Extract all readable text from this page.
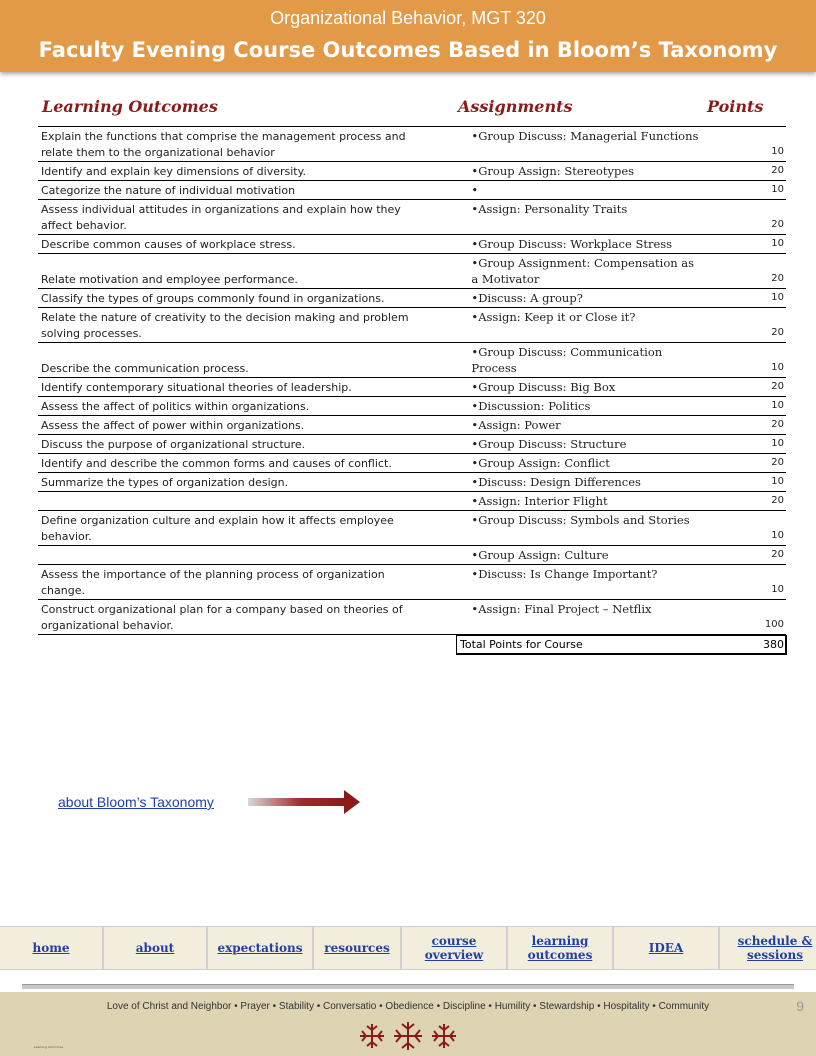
Organizational Behavior, MGT 320
Faculty Evening Course Outcomes Based in Bloom’s Taxonomy
Learning Outcomes	Assignments	Points
Explain the functions that comprise the management process and
relate them to the organizational behavior	•Group Discuss: Managerial Functions	10

Identify and explain key dimensions of diversity.	•Group Assign: Stereotypes	20

Categorize the nature of individual motivation	•	10

Assess individual attitudes in organizations and explain how they
affect behavior.	•Assign: Personality Traits	20

Describe common causes of workplace stress.	•Group Discuss: Workplace Stress	10

Relate motivation and employee performance.	•Group Assignment: Compensation as
a Motivator	20

Classify the types of groups commonly found in organizations.	•Discuss: A group?	10

Relate the nature of creativity to the decision making and problem
solving processes.	•Assign: Keep it or Close it?	20

Describe the communication process.	•Group Discuss: Communication
Process	10

Identify contemporary situational theories of leadership.	•Group Discuss: Big Box	20

Assess the affect of politics within organizations.	•Discussion: Politics	10

Assess the affect of power within organizations.	•Assign: Power	20

Discuss the purpose of organizational structure.	•Group Discuss: Structure	10

Identify and describe the common forms and causes of conflict.	•Group Assign: Conflict	20

Summarize the types of organization design.	•Discuss: Design Differences	10

	•Assign: Interior Flight	20

Define organization culture and explain how it affects employee
behavior.	•Group Discuss: Symbols and Stories	10

	•Group Assign: Culture	20

Assess the importance of the planning process of organization
change.	•Discuss: Is Change Important?	10

Construct organizational plan for a company based on theories of
organizational behavior.	•Assign: Final Project – Netflix	100
Total Points for Course	380
about Bloom’s Taxonomy
home	about	expectations	resources	course overview
learning outcomes	IDEA	schedule & sessions
Love of Christ and Neighbor • Prayer • Stability • Conversatio • Obedience • Discipline • Humility • Stewardship • Hospitality • Community	9
Learning Outcomes
